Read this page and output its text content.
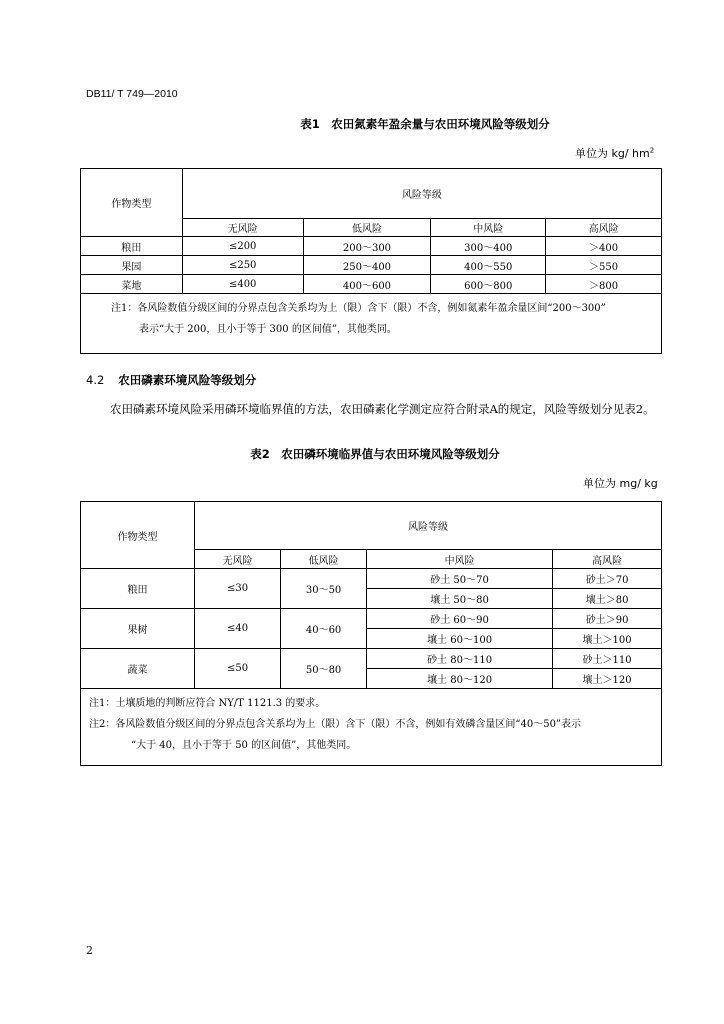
DB11/ T 749—2010
表1　农田氮素年盈余量与农田环境风险等级划分
单位为 kg/ $hm^2$
作物类型	风险等级			
	无风险	低风险	中风险	高风险
粮田	≤200	200～300	300～400	＞400
果园	≤250	250～400	400～550	＞550
菜地	≤400	400～600	600～800	＞800

注1：各风险数值分级区间的分界点包含关系均为上（限）含下（限）不含，例如氮素年盈余量区间“200～300”
表示“大于 200，且小于等于 300 的区间值”，其他类同。				
4.2 农田磷素环境风险等级划分
农田磷素环境风险采用磷环境临界值的方法，农田磷素化学测定应符合附录A的规定，风险等级划分见表2。
表2　农田磷环境临界值与农田环境风险等级划分
单位为 mg/ kg
作物类型	风险等级			
	无风险	低风险	中风险	高风险
粮田	≤30	30～50	砂土 50～70	砂土＞70
			壤土 50～80	壤土＞80
果树	≤40	40～60	砂土 60～90	砂土＞90
			壤土 60～100	壤土＞100
蔬菜	≤50	50～80	砂土 80～110	砂土＞110
			壤土 80～120	壤土＞120

注1：土壤质地的判断应符合 NY/T 1121.3 的要求。
注2：各风险数值分级区间的分界点包含关系均为上（限）含下（限）不含，例如有效磷含量区间“40～50”表示
“大于 40，且小于等于 50 的区间值”，其他类同。				
2
